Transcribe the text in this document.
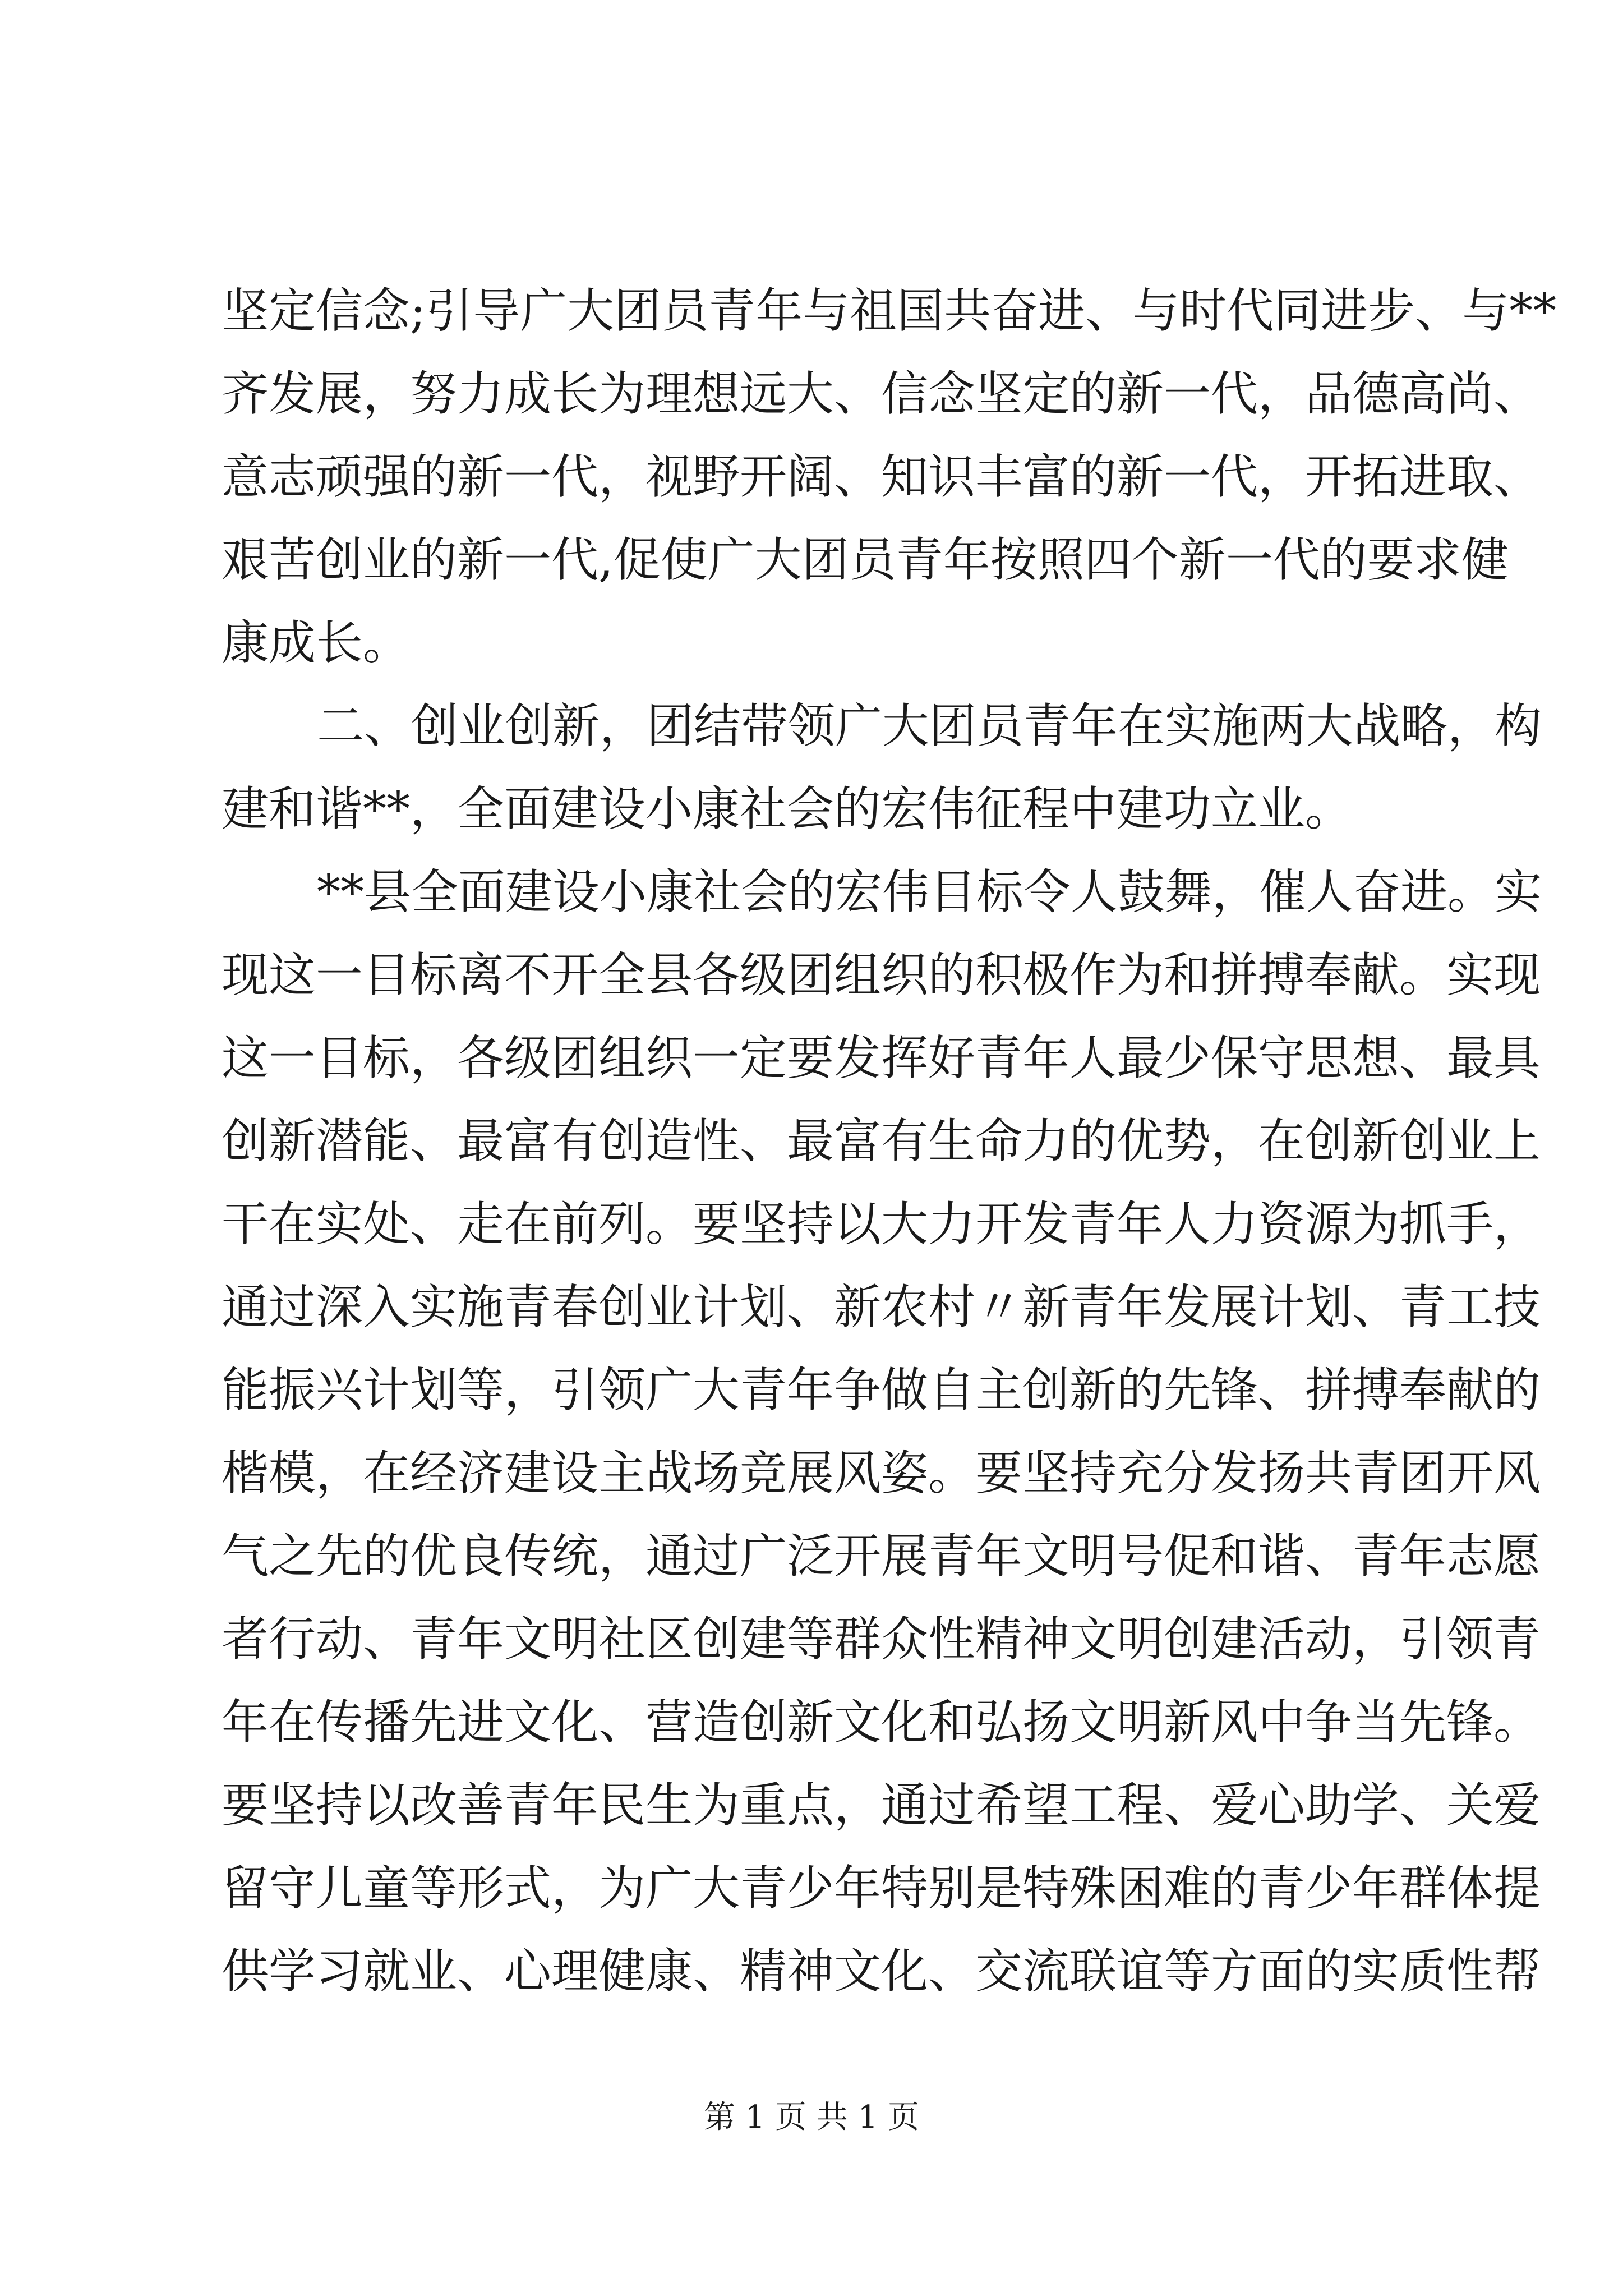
坚定信念;引导广大团员青年与祖国共奋进、与时代同进步、与**
齐发展，努力成长为理想远大、信念坚定的新一代，品德高尚、
意志顽强的新一代，视野开阔、知识丰富的新一代，开拓进取、
艰苦创业的新一代,促使广大团员青年按照四个新一代的要求健
康成长。
二、创业创新，团结带领广大团员青年在实施两大战略，构
建和谐**，全面建设小康社会的宏伟征程中建功立业。
**县全面建设小康社会的宏伟目标令人鼓舞，催人奋进。实
现这一目标离不开全县各级团组织的积极作为和拼搏奉献。实现
这一目标，各级团组织一定要发挥好青年人最少保守思想、最具
创新潜能、最富有创造性、最富有生命力的优势，在创新创业上
干在实处、走在前列。要坚持以大力开发青年人力资源为抓手，
通过深入实施青春创业计划、新农村〃新青年发展计划、青工技
能振兴计划等，引领广大青年争做自主创新的先锋、拼搏奉献的
楷模，在经济建设主战场竞展风姿。要坚持充分发扬共青团开风
气之先的优良传统，通过广泛开展青年文明号促和谐、青年志愿
者行动、青年文明社区创建等群众性精神文明创建活动，引领青
年在传播先进文化、营造创新文化和弘扬文明新风中争当先锋。
要坚持以改善青年民生为重点，通过希望工程、爱心助学、关爱
留守儿童等形式，为广大青少年特别是特殊困难的青少年群体提
供学习就业、心理健康、精神文化、交流联谊等方面的实质性帮
第 1 页 共 1 页
